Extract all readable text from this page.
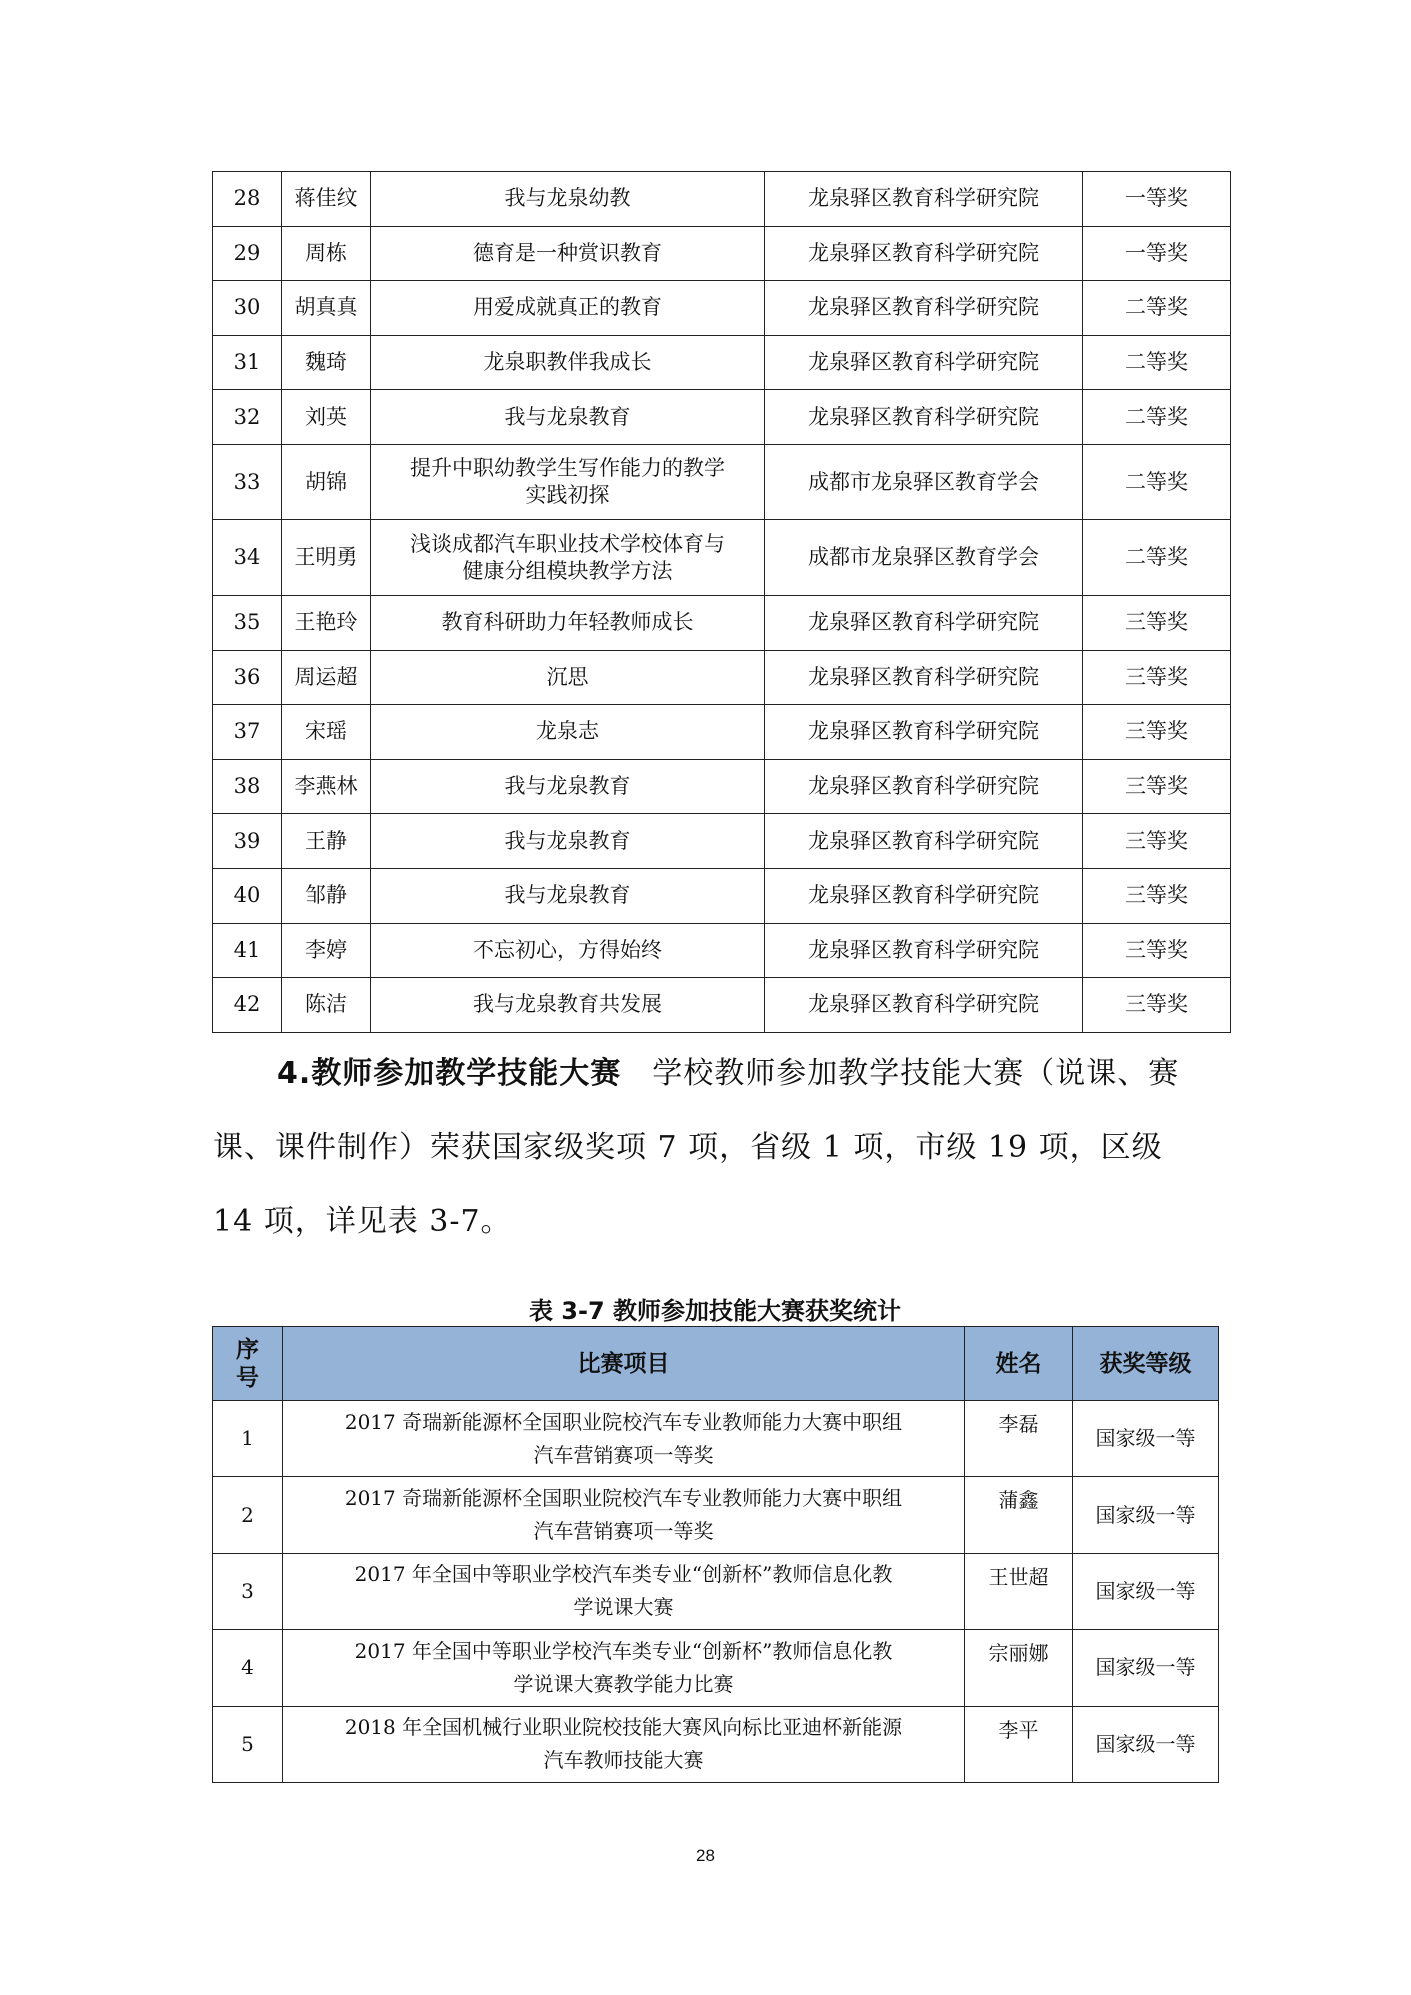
28	蒋佳纹	我与龙泉幼教	龙泉驿区教育科学研究院	一等奖
29	周栋	德育是一种赏识教育	龙泉驿区教育科学研究院	一等奖
30	胡真真	用爱成就真正的教育	龙泉驿区教育科学研究院	二等奖
31	魏琦	龙泉职教伴我成长	龙泉驿区教育科学研究院	二等奖
32	刘英	我与龙泉教育	龙泉驿区教育科学研究院	二等奖
33	胡锦	提升中职幼教学生写作能力的教学
实践初探	成都市龙泉驿区教育学会	二等奖
34	王明勇	浅谈成都汽车职业技术学校体育与
健康分组模块教学方法	成都市龙泉驿区教育学会	二等奖
35	王艳玲	教育科研助力年轻教师成长	龙泉驿区教育科学研究院	三等奖
36	周运超	沉思	龙泉驿区教育科学研究院	三等奖
37	宋瑶	龙泉志	龙泉驿区教育科学研究院	三等奖
38	李燕林	我与龙泉教育	龙泉驿区教育科学研究院	三等奖
39	王静	我与龙泉教育	龙泉驿区教育科学研究院	三等奖
40	邹静	我与龙泉教育	龙泉驿区教育科学研究院	三等奖
41	李婷	不忘初心，方得始终	龙泉驿区教育科学研究院	三等奖
42	陈洁	我与龙泉教育共发展	龙泉驿区教育科学研究院	三等奖

4.教师参加教学技能大赛　学校教师参加教学技能大赛（说课、赛课、课件制作）荣获国家级奖项 7 项，省级 1 项，市级 19 项，区级 14 项，详见表 3-7。

表 3-7 教师参加技能大赛获奖统计

序
号	比赛项目	姓名	获奖等级
1	2017 奇瑞新能源杯全国职业院校汽车专业教师能力大赛中职组
汽车营销赛项一等奖	李磊	国家级一等
2	2017 奇瑞新能源杯全国职业院校汽车专业教师能力大赛中职组
汽车营销赛项一等奖	蒲鑫	国家级一等
3	2017 年全国中等职业学校汽车类专业“创新杯”教师信息化教
学说课大赛	王世超	国家级一等
4	2017 年全国中等职业学校汽车类专业“创新杯”教师信息化教
学说课大赛教学能力比赛	宗丽娜	国家级一等
5	2018 年全国机械行业职业院校技能大赛风向标比亚迪杯新能源
汽车教师技能大赛	李平	国家级一等

28
